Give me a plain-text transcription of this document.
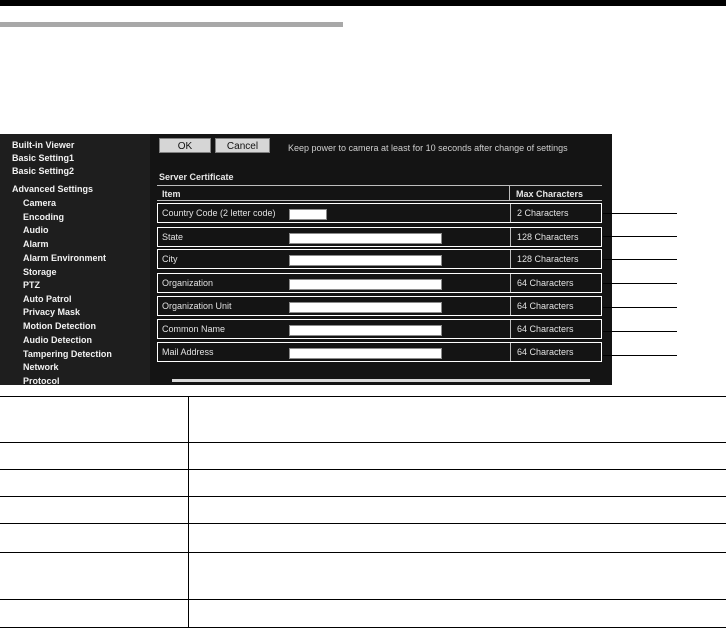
Built-in Viewer
Basic Setting1
Basic Setting2
Advanced Settings
Camera
Encoding
Audio
Alarm
Alarm Environment
Storage
PTZ
Auto Patrol
Privacy Mask
Motion Detection
Audio Detection
Tampering Detection
Network
Protocol
OK	Cancel	Keep power to camera at least for 10 seconds after change of settings
Server Certificate
Item	Max Characters
Country Code (2 letter code)	2 Characters
State	128 Characters
City	128 Characters
Organization	64 Characters
Organization Unit	64 Characters
Common Name	64 Characters
Mail Address	64 Characters
